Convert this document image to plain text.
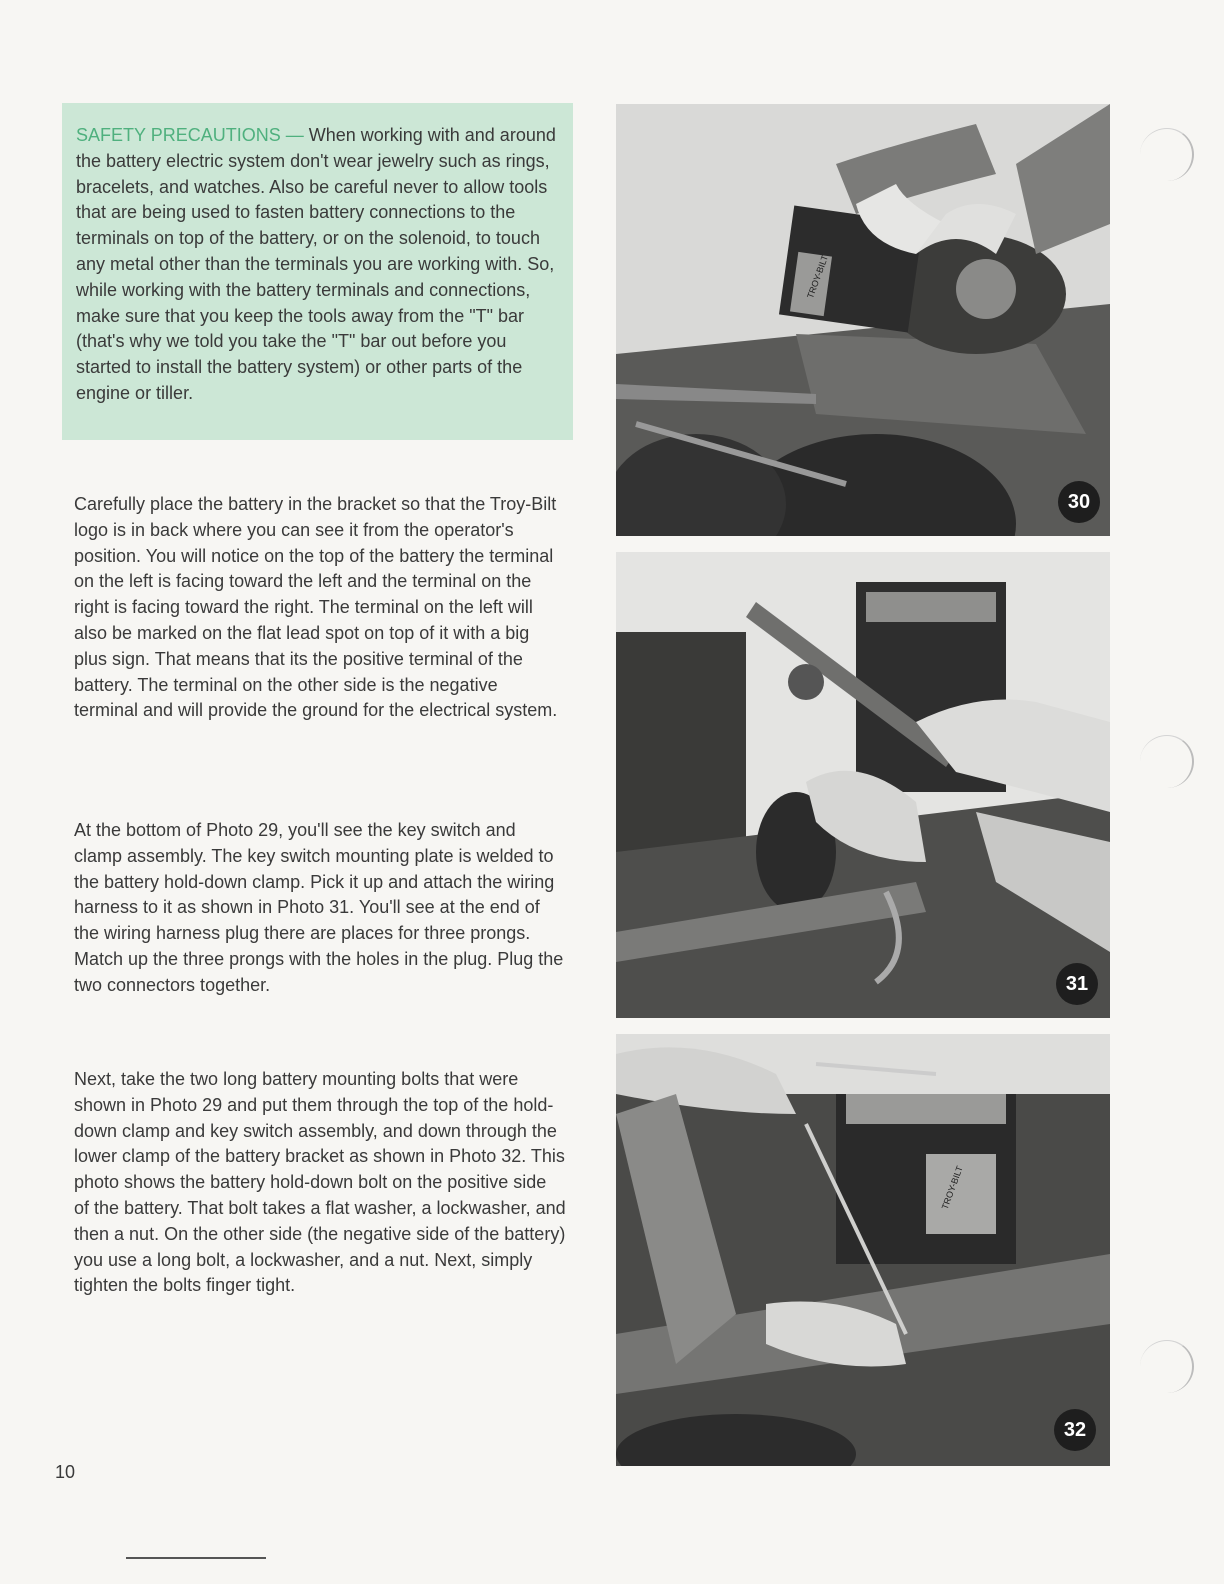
SAFETY PRECAUTIONS — When working with and around the battery electric system don't wear jewelry such as rings, bracelets, and watches. Also be careful never to allow tools that are being used to fasten battery connections to the terminals on top of the battery, or on the solenoid, to touch any metal other than the terminals you are working with. So, while working with the battery terminals and connections, make sure that you keep the tools away from the "T" bar (that's why we told you take the "T" bar out before you started to install the battery system) or other parts of the engine or tiller.

Carefully place the battery in the bracket so that the Troy-Bilt logo is in back where you can see it from the operator's position. You will notice on the top of the battery the terminal on the left is facing toward the left and the terminal on the right is facing toward the right. The terminal on the left will also be marked on the flat lead spot on top of it with a big plus sign. That means that its the positive terminal of the battery. The terminal on the other side is the negative terminal and will provide the ground for the electrical system.

At the bottom of Photo 29, you'll see the key switch and clamp assembly. The key switch mounting plate is welded to the battery hold-down clamp. Pick it up and attach the wiring harness to it as shown in Photo 31. You'll see at the end of the wiring harness plug there are places for three prongs. Match up the three prongs with the holes in the plug. Plug the two connectors together.

Next, take the two long battery mounting bolts that were shown in Photo 29 and put them through the top of the hold-down clamp and key switch assembly, and down through the lower clamp of the battery bracket as shown in Photo 32. This photo shows the battery hold-down bolt on the positive side of the battery. That bolt takes a flat washer, a lockwasher, and then a nut. On the other side (the negative side of the battery) you use a long bolt, a lockwasher, and a nut. Next, simply tighten the bolts finger tight.

TROY-BILT
30
31
TROY-BILT
32
10
